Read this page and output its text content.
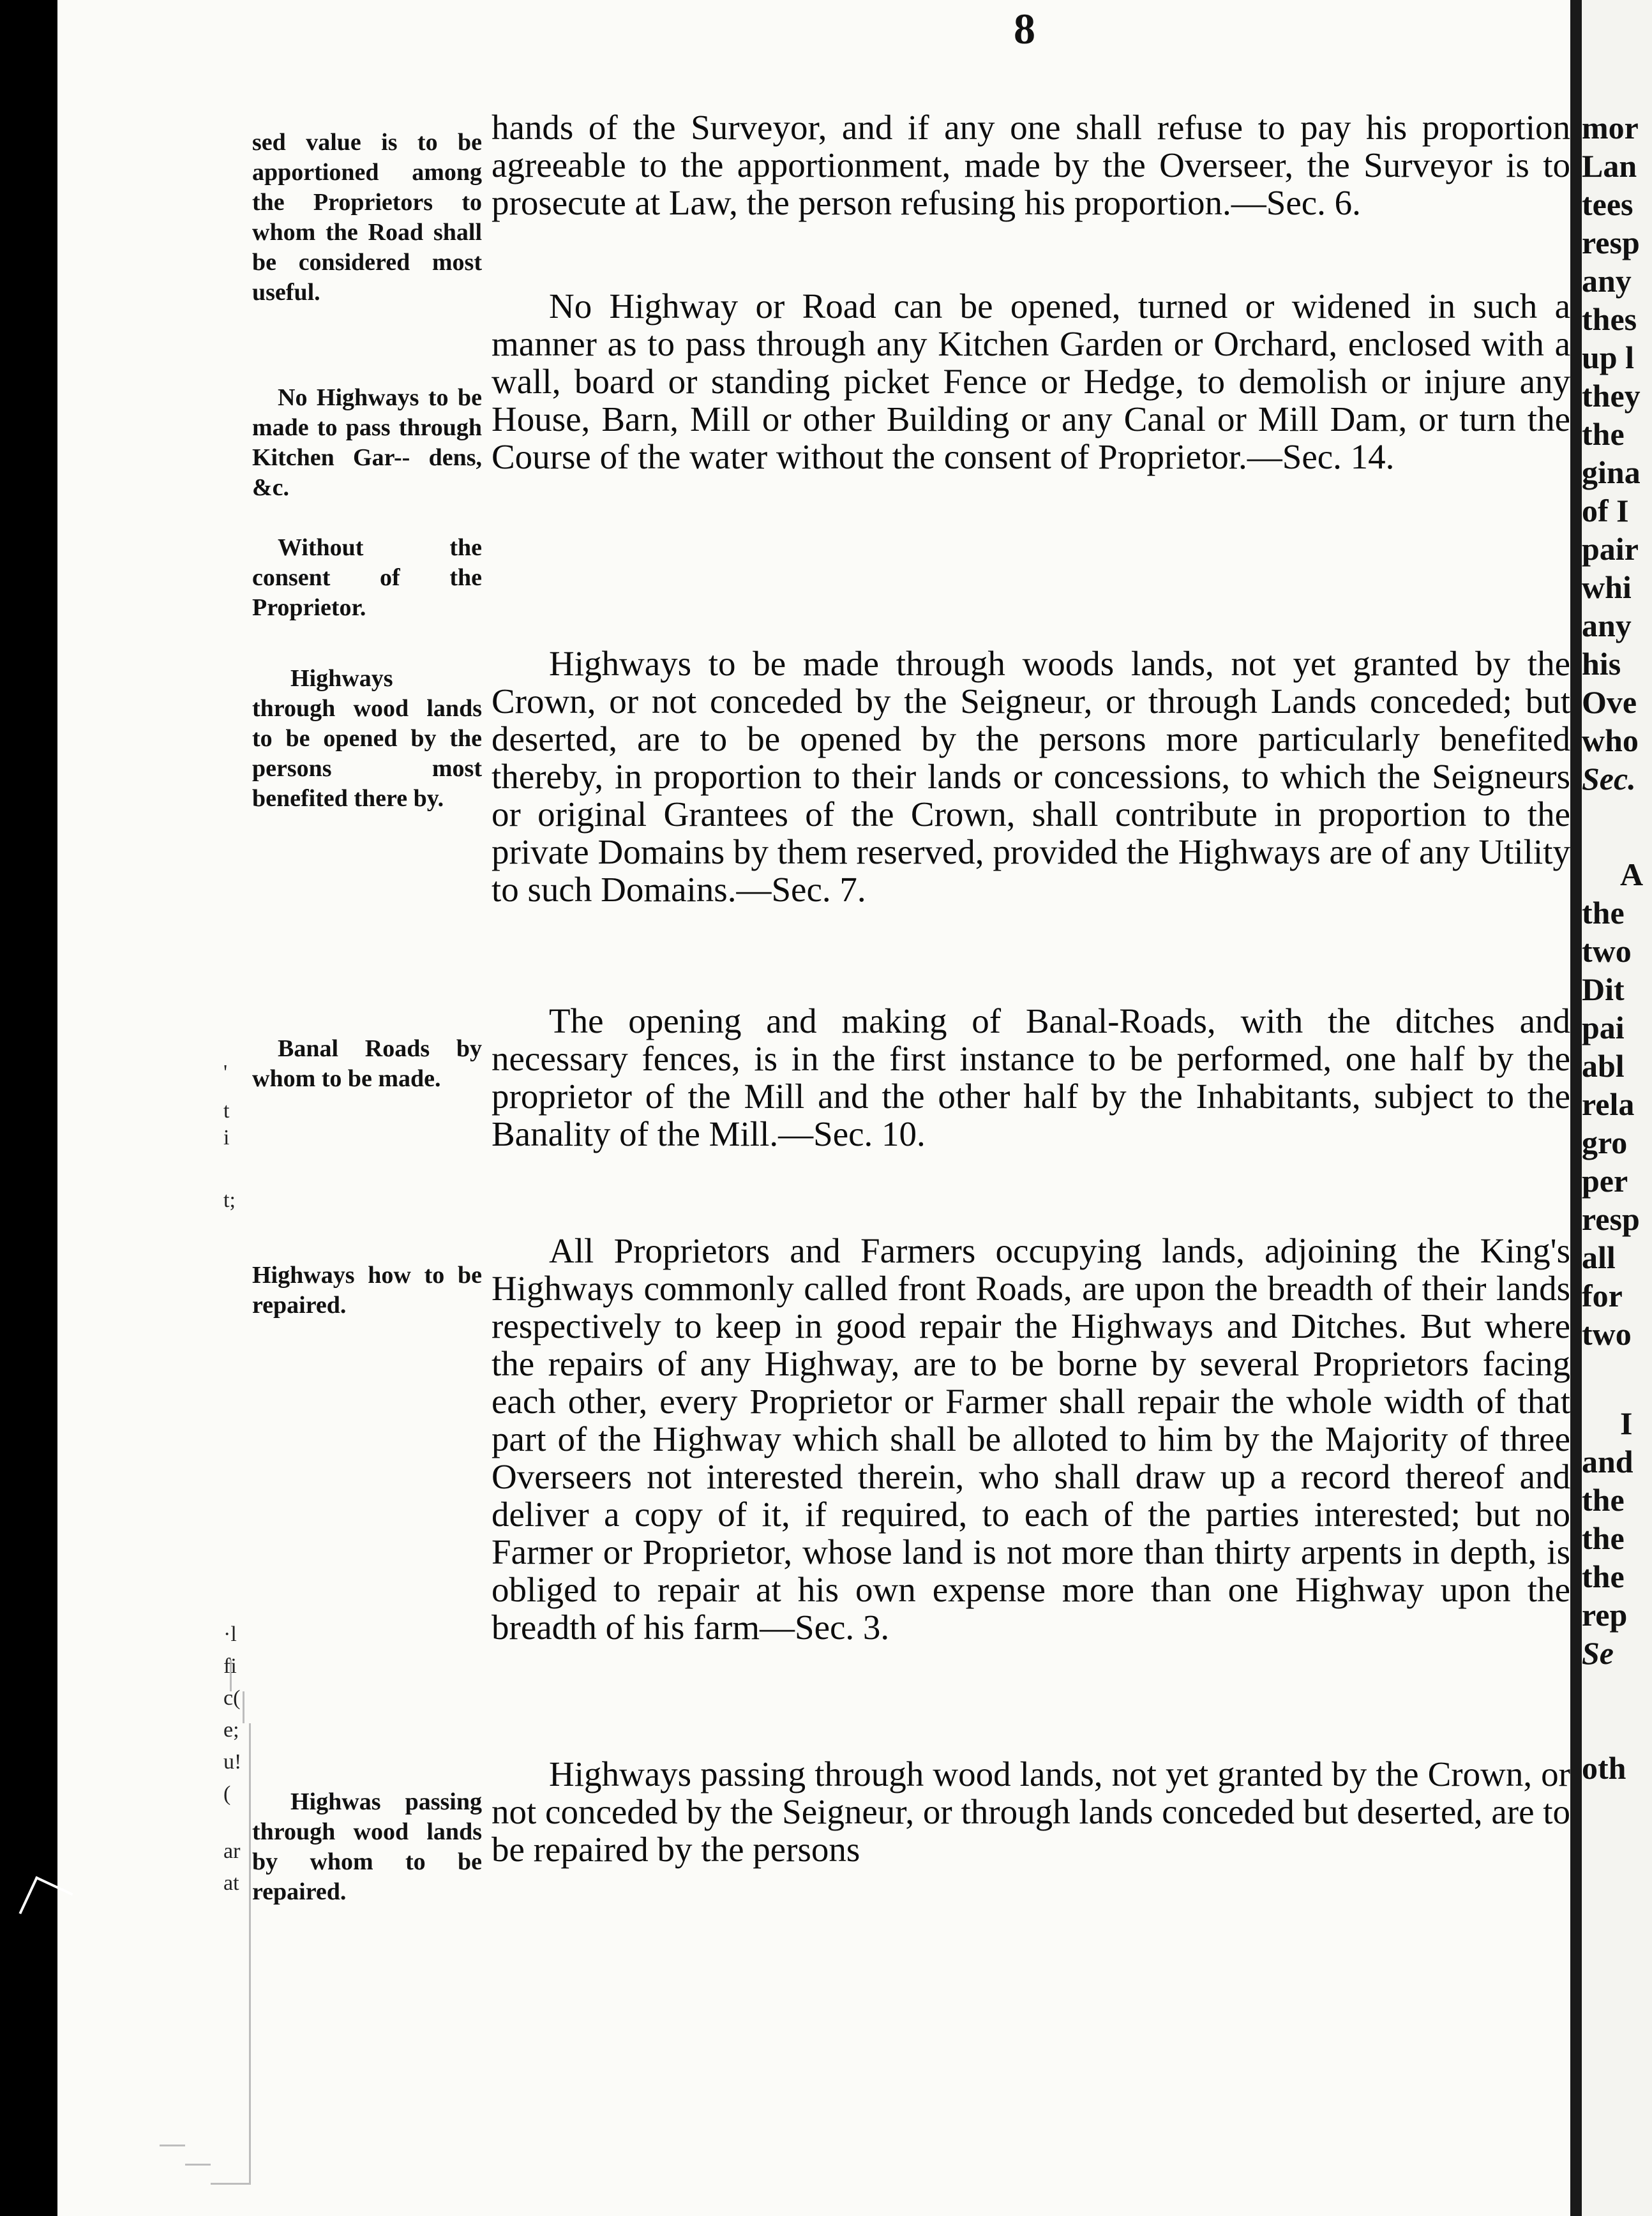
8
sed value is to be apportioned among the Proprietors to whom the Road shall be considered most useful.
No Highways to be made to pass through Kitchen Gar-- dens, &c.
Without the consent of the Proprietor.
Highways through wood lands to be opened by the persons most benefited there by.
Banal Roads by whom to be made.
Highways how to be repaired.
Highwas passing through wood lands by whom to be repaired.
'
t
i
t;
·l
fi
c(
e;
u!
(
ar
at

hands of the Surveyor, and if any one shall refuse to pay his proportion agreeable to the apportionment, made by the Overseer, the Surveyor is to prosecute at Law, the person refusing his proportion.—Sec. 6.

No Highway or Road can be opened, turned or widened in such a manner as to pass through any Kitchen Garden or Orchard, enclosed with a wall, board or standing picket Fence or Hedge, to demolish or injure any House, Barn, Mill or other Building or any Canal or Mill Dam, or turn the Course of the water without the consent of Proprietor.—Sec. 14.

Highways to be made through woods lands, not yet granted by the Crown, or not conceded by the Seigneur, or through Lands conceded; but deserted, are to be opened by the persons more particularly benefited thereby, in proportion to their lands or concessions, to which the Seigneurs or original Grantees of the Crown, shall contribute in proportion to the private Domains by them reserved, provided the Highways are of any Utility to such Domains.—Sec. 7.

The opening and making of Banal-Roads, with the ditches and necessary fences, is in the first instance to be performed, one half by the proprietor of the Mill and the other half by the Inhabitants, subject to the Banality of the Mill.—Sec. 10.

All Proprietors and Farmers occupying lands, adjoining the King's Highways commonly called front Roads, are upon the breadth of their lands respectively to keep in good repair the Highways and Ditches. But where the repairs of any Highway, are to be borne by several Proprietors facing each other, every Proprietor or Farmer shall repair the whole width of that part of the Highway which shall be alloted to him by the Majority of three Overseers not interested therein, who shall draw up a record thereof and deliver a copy of it, if required, to each of the parties interested; but no Farmer or Proprietor, whose land is not more than thirty arpents in depth, is obliged to repair at his own expense more than one Highway upon the breadth of his farm—Sec. 3.

Highways passing through wood lands, not yet granted by the Crown, or not conceded by the Seigneur, or through lands conceded but deserted, are to be repaired by the persons

mor
Lan
tees
resp
any
thes
up l
they
the
gina
of I
pair
whi
any
his
Ove
who
Sec.
A
the
two
Dit
pai
abl
rela
gro
per
resp
all
for
two
I
and
the
the
the
rep
Se
oth
